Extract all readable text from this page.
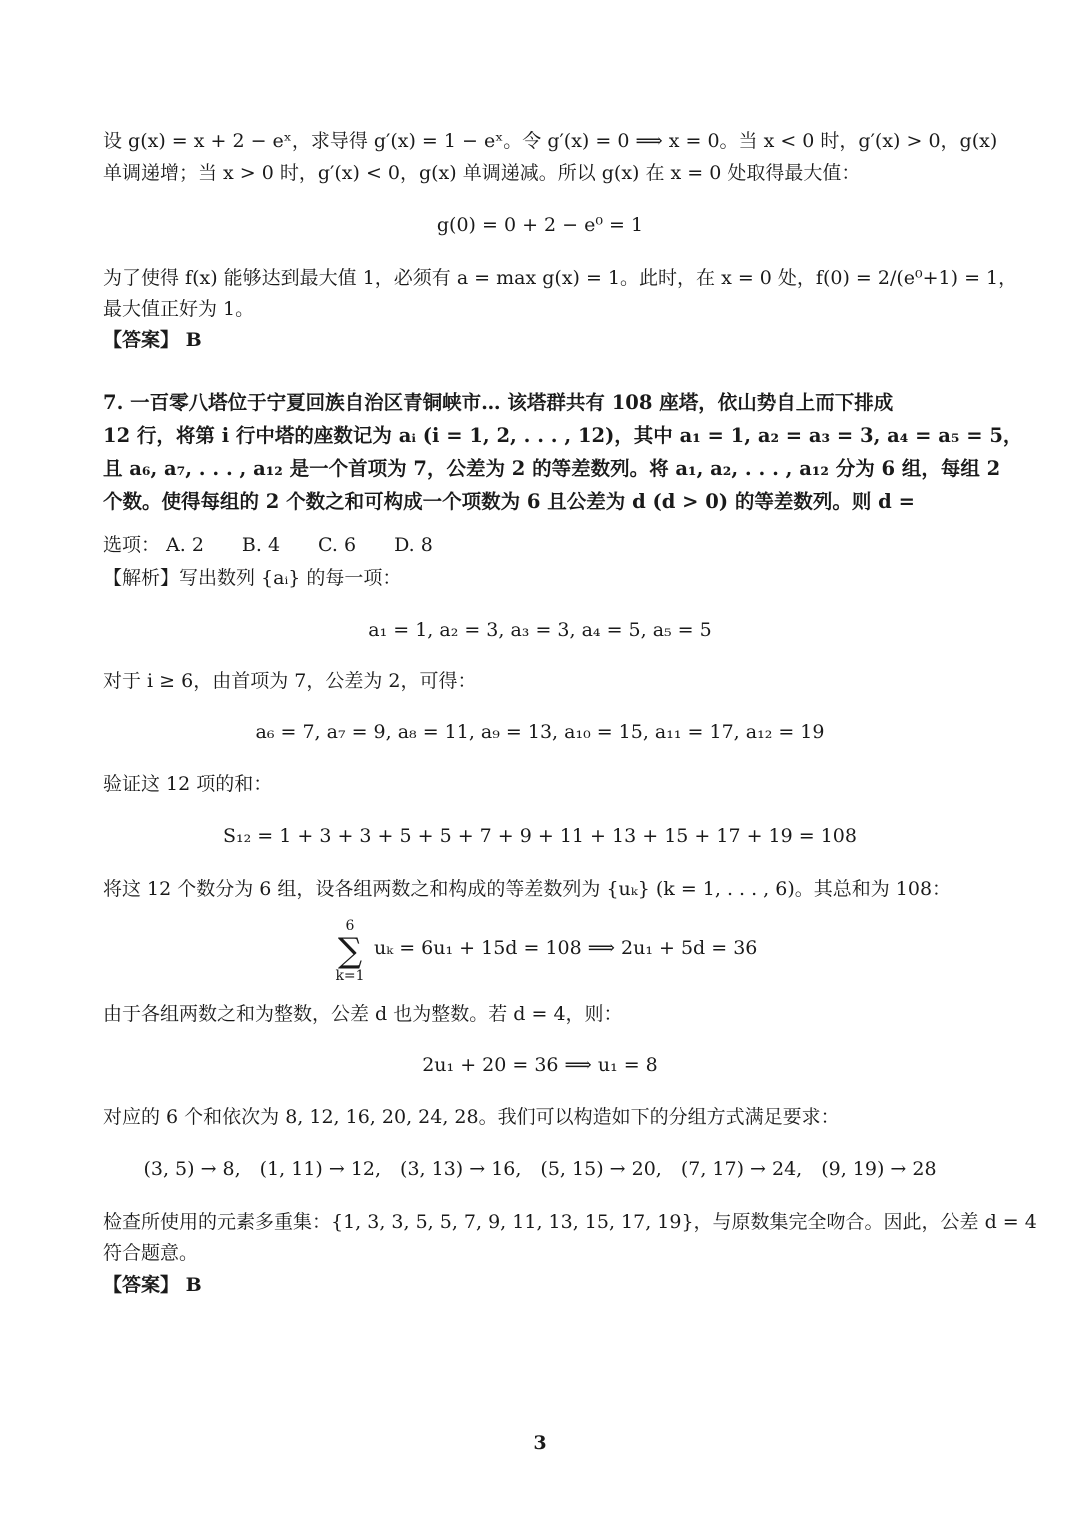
设 g(x) = x + 2 − eˣ，求导得 g′(x) = 1 − eˣ。令 g′(x) = 0 ⟹ x = 0。当 x < 0 时，g′(x) > 0，g(x)
单调递增；当 x > 0 时，g′(x) < 0，g(x) 单调递减。所以 g(x) 在 x = 0 处取得最大值：
g(0) = 0 + 2 − e⁰ = 1
为了使得 f(x) 能够达到最大值 1，必须有 a = max g(x) = 1。此时，在 x = 0 处，f(0) = 2/(e⁰+1) = 1，
最大值正好为 1。
【答案】 B
7. 一百零八塔位于宁夏回族自治区青铜峡市… 该塔群共有 108 座塔，依山势自上而下排成
12 行，将第 i 行中塔的座数记为 aᵢ (i = 1, 2, . . . , 12)，其中 a₁ = 1, a₂ = a₃ = 3, a₄ = a₅ = 5，
且 a₆, a₇, . . . , a₁₂ 是一个首项为 7，公差为 2 的等差数列。将 a₁, a₂, . . . , a₁₂ 分为 6 组，每组 2
个数。使得每组的 2 个数之和可构成一个项数为 6 且公差为 d (d > 0) 的等差数列。则 d =
选项： A. 2　　B. 4　　C. 6　　D. 8
【解析】写出数列 {aᵢ} 的每一项：
a₁ = 1, a₂ = 3, a₃ = 3, a₄ = 5, a₅ = 5
对于 i ≥ 6，由首项为 7，公差为 2，可得：
a₆ = 7, a₇ = 9, a₈ = 11, a₉ = 13, a₁₀ = 15, a₁₁ = 17, a₁₂ = 19
验证这 12 项的和：
S₁₂ = 1 + 3 + 3 + 5 + 5 + 7 + 9 + 11 + 13 + 15 + 17 + 19 = 108
将这 12 个数分为 6 组，设各组两数之和构成的等差数列为 {uₖ} (k = 1, . . . , 6)。其总和为 108：
6
∑
k=1
uₖ = 6u₁ + 15d = 108 ⟹ 2u₁ + 5d = 36
由于各组两数之和为整数，公差 d 也为整数。若 d = 4，则：
2u₁ + 20 = 36 ⟹ u₁ = 8
对应的 6 个和依次为 8, 12, 16, 20, 24, 28。我们可以构造如下的分组方式满足要求：
(3, 5) → 8,　(1, 11) → 12,　(3, 13) → 16,　(5, 15) → 20,　(7, 17) → 24,　(9, 19) → 28
检查所使用的元素多重集：{1, 3, 3, 5, 5, 7, 9, 11, 13, 15, 17, 19}，与原数集完全吻合。因此，公差 d = 4
符合题意。
【答案】 B
3
